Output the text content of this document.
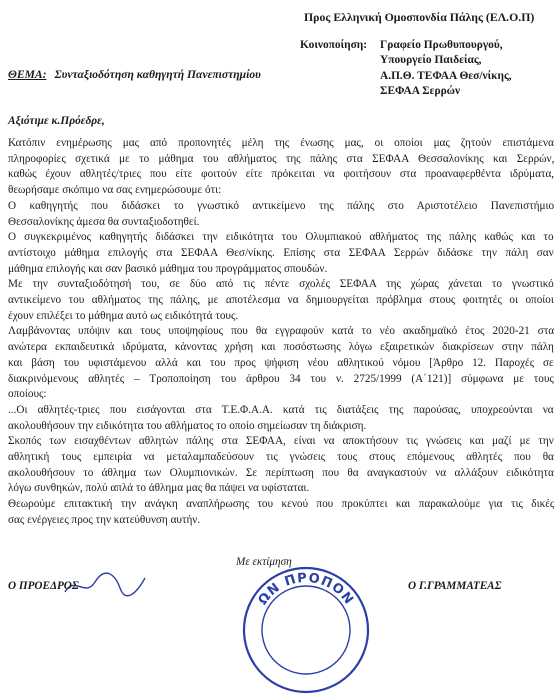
Προς Ελληνική Ομοσπονδία Πάλης (ΕΛ.Ο.Π)
Κοινοποίηση:	Γραφείο Πρωθυπουργού,
Υπουργείο Παιδείας,
Α.Π.Θ. ΤΕΦΑΑ Θεσ/νίκης,
ΣΕΦΑΑ Σερρών
ΘΕΜΑ: Συνταξιοδότηση καθηγητή Πανεπιστημίου
Αξιότιμε κ.Πρόεδρε,
Κατόπιν ενημέρωσης μας από προπονητές μέλη της ένωσης μας, οι οποίοι μας ζητούν επιστάμενα
πληροφορίες σχετικά με το μάθημα του αθλήματος της πάλης στα ΣΕΦΑΑ Θεσσαλονίκης και Σερρών,
καθώς έχουν αθλητές/τριες που είτε φοιτούν είτε πρόκειται να φοιτήσουν στα προαναφερθέντα ιδρύματα,
θεωρήσαμε σκόπιμο να σας ενημερώσουμε ότι:
Ο καθηγητής που διδάσκει το γνωστικό αντικείμενο της πάλης στο Αριστοτέλειο Πανεπιστήμιο
Θεσσαλονίκης άμεσα θα συνταξιοδοτηθεί.
Ο συγκεκριμένος καθηγητής διδάσκει την ειδικότητα του Ολυμπιακού αθλήματος της πάλης καθώς και το
αντίστοιχο μάθημα επιλογής στα ΣΕΦΑΑ Θεσ/νίκης. Επίσης στα ΣΕΦΑΑ Σερρών διδάσκε την πάλη σαν
μάθημα επιλογής και σαν βασικό μάθημα του προγράμματος σπουδών.
Με την συνταξιοδότησή του, σε δύο από τις πέντε σχολές ΣΕΦΑΑ της χώρας χάνεται το γνωστικό
αντικείμενο του αθλήματος της πάλης, με αποτέλεσμα να δημιουργείται πρόβλημα στους φοιτητές οι οποίοι
έχουν επιλέξει το μάθημα αυτό ως ειδικότητά τους.
Λαμβάνοντας υπόψιν και τους υποψηφίους που θα εγγραφούν κατά το νέο ακαδημαϊκό έτος 2020-21 στα
ανώτερα εκπαιδευτικά ιδρύματα, κάνοντας χρήση και ποσόστωσης λόγω εξαιρετικών διακρίσεων στην πάλη
και βάση του υφιστάμενου αλλά και του προς ψήφιση νέου αθλητικού νόμου [Άρθρο 12. Παροχές σε
διακρινόμενους αθλητές – Τροποποίηση του άρθρου 34 του ν. 2725/1999 (Α΄121)] σύμφωνα με τους
οποίους:
...Οι αθλητές-τριες που εισάγονται στα Τ.Ε.Φ.Α.Α. κατά τις διατάξεις της παρούσας, υποχρεούνται να
ακολουθήσουν την ειδικότητα του αθλήματος το οποίο σημείωσαν τη διάκριση.
Σκοπός των εισαχθέντων αθλητών πάλης στα ΣΕΦΑΑ, είναι να αποκτήσουν τις γνώσεις και μαζί με την
αθλητική τους εμπειρία να μεταλαμπαδεύσουν τις γνώσεις τους στους επόμενους αθλητές που θα
ακολουθήσουν το άθλημα των Ολυμπιονικών. Σε περίπτωση που θα αναγκαστούν να αλλάξουν ειδικότητα
λόγω συνθηκών, πολύ απλά το άθλημα μας θα πάψει να υφίσταται.
Θεωρούμε επιτακτική την ανάγκη αναπλήρωσης του κενού που προκύπτει και παρακαλούμε για τις δικές
σας ενέργειες προς την κατεύθυνση αυτήν.
ΩΝ ΠΡΟΠΟΝ
Με εκτίμηση
Ο ΠΡΟΕΔΡΟΣ	Ο Γ.ΓΡΑΜΜΑΤΕΑΣ
